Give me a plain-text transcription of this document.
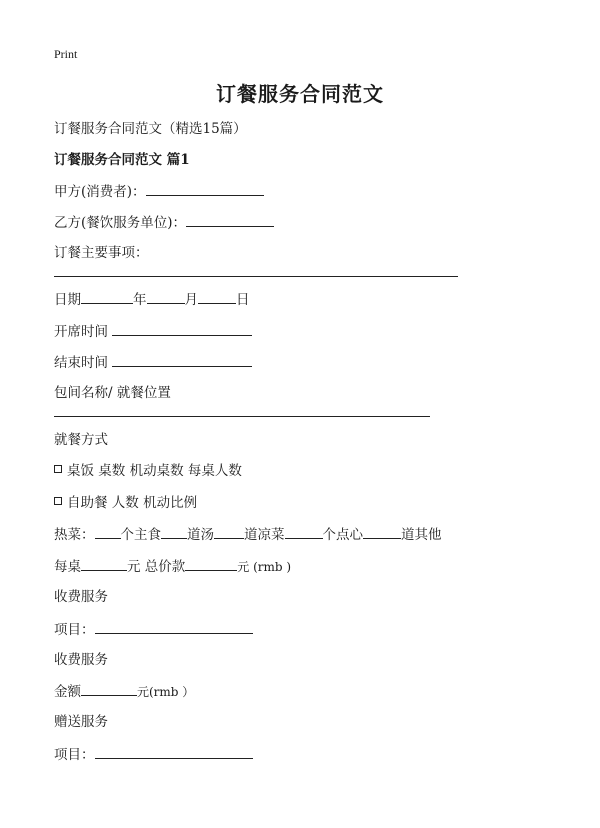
Print
订餐服务合同范文
订餐服务合同范文（精选15篇）
订餐服务合同范文 篇1
甲方(消费者)：
乙方(餐饮服务单位)：
订餐主要事项：
日期	年	月	日
开席时间
结束时间
包间名称/ 就餐位置
就餐方式
桌饭 桌数 机动桌数 每桌人数
自助餐 人数 机动比例
热菜： 个主食 道汤 道凉菜	个点心	道其他
每桌	元 总价款	元 (rmb )
收费服务
项目：
收费服务
金额	元(rmb ）
赠送服务
项目：
